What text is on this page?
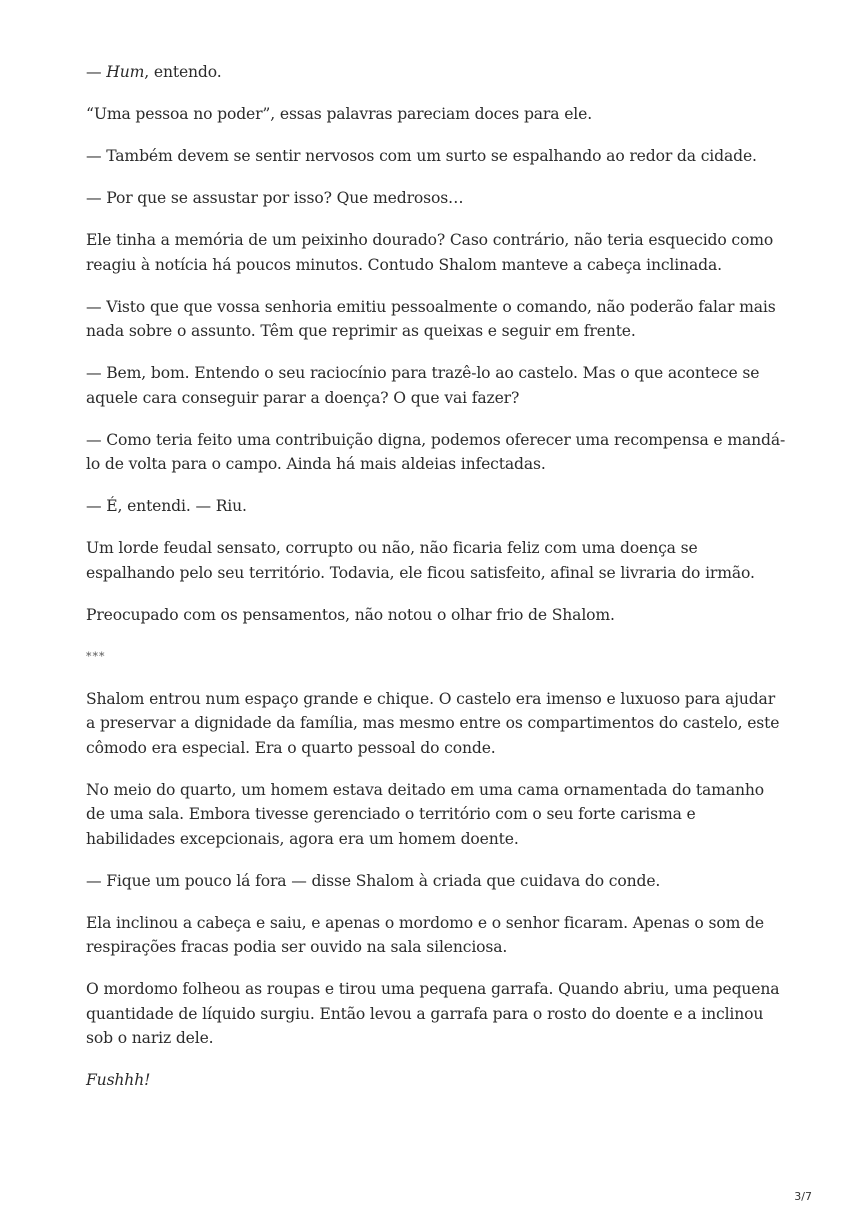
— Hum, entendo.

“Uma pessoa no poder”, essas palavras pareciam doces para ele.

— Também devem se sentir nervosos com um surto se espalhando ao redor da cidade.

— Por que se assustar por isso? Que medrosos…

Ele tinha a memória de um peixinho dourado? Caso contrário, não teria esquecido como reagiu à notícia há poucos minutos. Contudo Shalom manteve a cabeça inclinada.

— Visto que que vossa senhoria emitiu pessoalmente o comando, não poderão falar mais nada sobre o assunto. Têm que reprimir as queixas e seguir em frente.

— Bem, bom. Entendo o seu raciocínio para trazê-lo ao castelo. Mas o que acontece se aquele cara conseguir parar a doença? O que vai fazer?

— Como teria feito uma contribuição digna, podemos oferecer uma recompensa e mandá-lo de volta para o campo. Ainda há mais aldeias infectadas.

— É, entendi. — Riu.

Um lorde feudal sensato, corrupto ou não, não ficaria feliz com uma doença se espalhando pelo seu território. Todavia, ele ficou satisfeito, afinal se livraria do irmão.

Preocupado com os pensamentos, não notou o olhar frio de Shalom.

***

Shalom entrou num espaço grande e chique. O castelo era imenso e luxuoso para ajudar a preservar a dignidade da família, mas mesmo entre os compartimentos do castelo, este cômodo era especial. Era o quarto pessoal do conde.

No meio do quarto, um homem estava deitado em uma cama ornamentada do tamanho de uma sala. Embora tivesse gerenciado o território com o seu forte carisma e habilidades excepcionais, agora era um homem doente.

— Fique um pouco lá fora — disse Shalom à criada que cuidava do conde.

Ela inclinou a cabeça e saiu, e apenas o mordomo e o senhor ficaram. Apenas o som de respirações fracas podia ser ouvido na sala silenciosa.

O mordomo folheou as roupas e tirou uma pequena garrafa. Quando abriu, uma pequena quantidade de líquido surgiu. Então levou a garrafa para o rosto do doente e a inclinou sob o nariz dele.

Fushhh!

3/7
